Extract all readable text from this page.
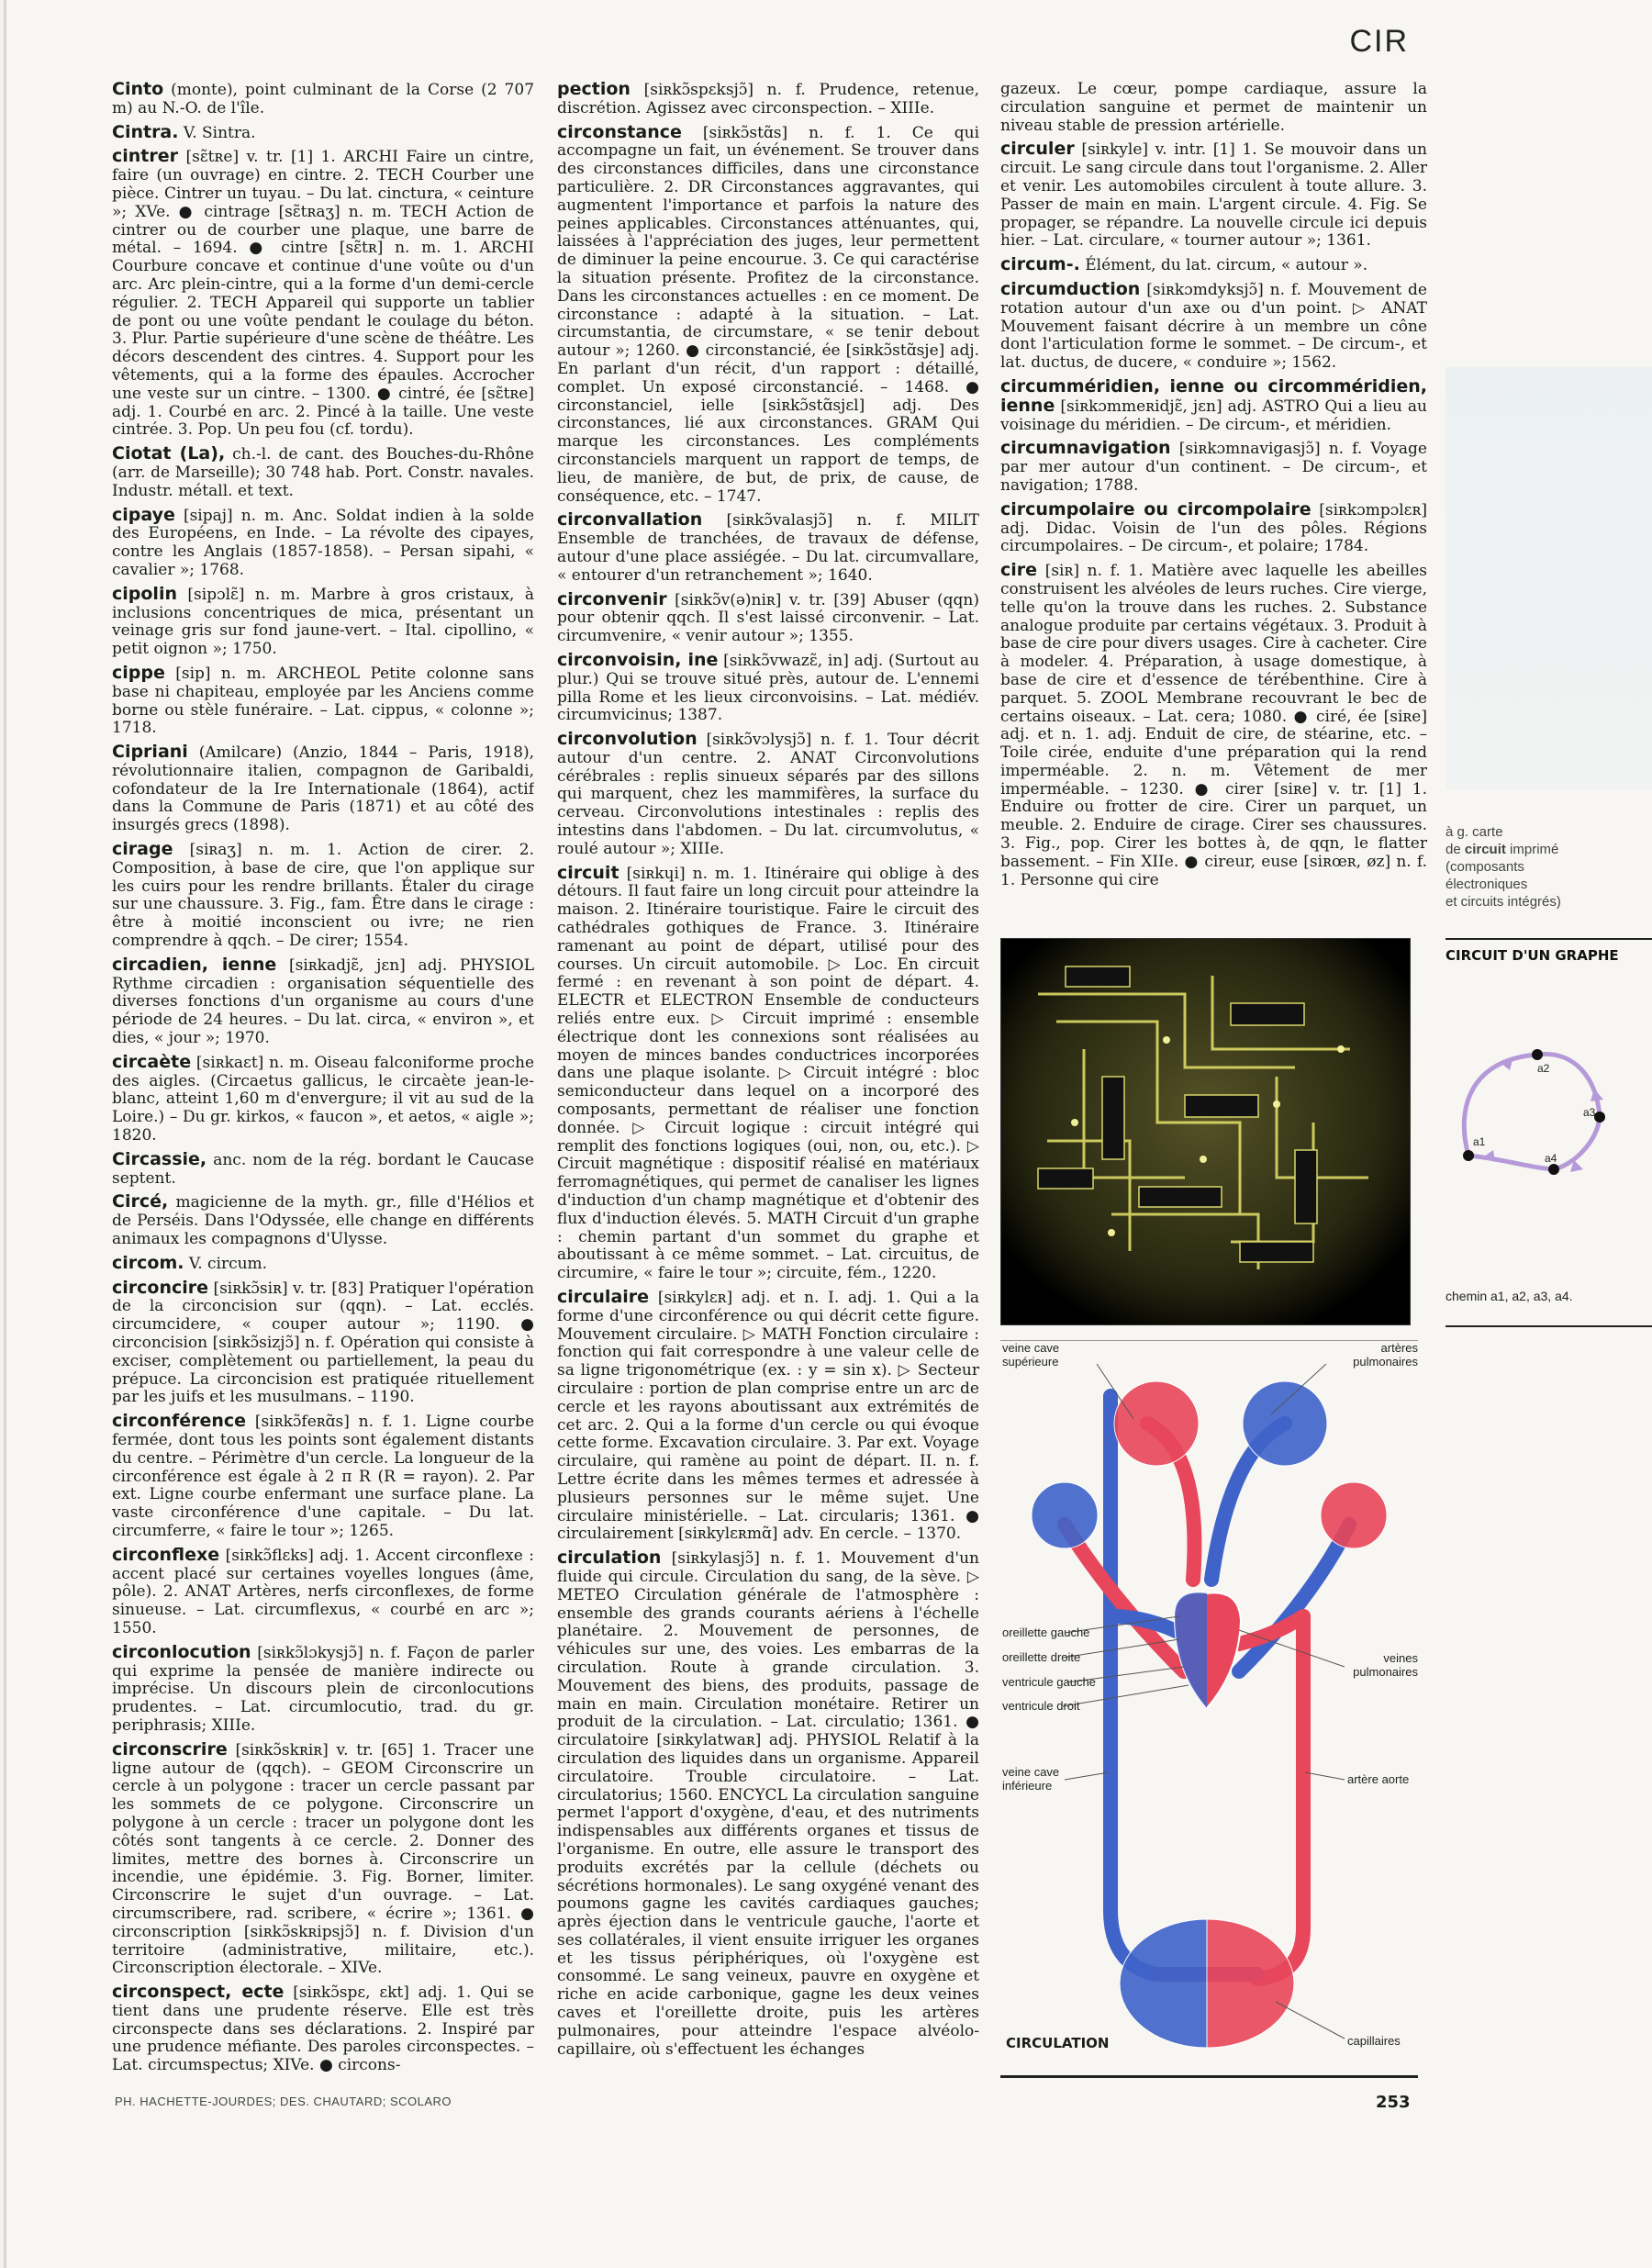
CIR

Cinto (monte), point culminant de la Corse (2 707 m) au N.-O. de l'île.

Cintra. V. Sintra.

cintrer [sɛ̃tʀe] v. tr. [1] 1. ARCHI Faire un cintre, faire (un ouvrage) en cintre. 2. TECH Courber une pièce. Cintrer un tuyau. – Du lat. cinctura, « ceinture »; XVe. ● cintrage [sɛ̃tʀaʒ] n. m. TECH Action de cintrer ou de courber une plaque, une barre de métal. – 1694. ● cintre [sɛ̃tʀ] n. m. 1. ARCHI Courbure concave et continue d'une voûte ou d'un arc. Arc plein-cintre, qui a la forme d'un demi-cercle régulier. 2. TECH Appareil qui supporte un tablier de pont ou une voûte pendant le coulage du béton. 3. Plur. Partie supérieure d'une scène de théâtre. Les décors descendent des cintres. 4. Support pour les vêtements, qui a la forme des épaules. Accrocher une veste sur un cintre. – 1300. ● cintré, ée [sɛ̃tʀe] adj. 1. Courbé en arc. 2. Pincé à la taille. Une veste cintrée. 3. Pop. Un peu fou (cf. tordu).

Ciotat (La), ch.-l. de cant. des Bouches-du-Rhône (arr. de Marseille); 30 748 hab. Port. Constr. navales. Industr. métall. et text.

cipaye [sipaj] n. m. Anc. Soldat indien à la solde des Européens, en Inde. – La révolte des cipayes, contre les Anglais (1857-1858). – Persan sipahi, « cavalier »; 1768.

cipolin [sipɔlɛ̃] n. m. Marbre à gros cristaux, à inclusions concentriques de mica, présentant un veinage gris sur fond jaune-vert. – Ital. cipollino, « petit oignon »; 1750.

cippe [sip] n. m. ARCHEOL Petite colonne sans base ni chapiteau, employée par les Anciens comme borne ou stèle funéraire. – Lat. cippus, « colonne »; 1718.

Cipriani (Amilcare) (Anzio, 1844 – Paris, 1918), révolutionnaire italien, compagnon de Garibaldi, cofondateur de la Ire Internationale (1864), actif dans la Commune de Paris (1871) et au côté des insurgés grecs (1898).

cirage [siʀaʒ] n. m. 1. Action de cirer. 2. Composition, à base de cire, que l'on applique sur les cuirs pour les rendre brillants. Étaler du cirage sur une chaussure. 3. Fig., fam. Être dans le cirage : être à moitié inconscient ou ivre; ne rien comprendre à qqch. – De cirer; 1554.

circadien, ienne [siʀkadjɛ̃, jɛn] adj. PHYSIOL Rythme circadien : organisation séquentielle des diverses fonctions d'un organisme au cours d'une période de 24 heures. – Du lat. circa, « environ », et dies, « jour »; 1970.

circaète [siʀkaɛt] n. m. Oiseau falconiforme proche des aigles. (Circaetus gallicus, le circaète jean-le-blanc, atteint 1,60 m d'envergure; il vit au sud de la Loire.) – Du gr. kirkos, « faucon », et aetos, « aigle »; 1820.

Circassie, anc. nom de la rég. bordant le Caucase septent.

Circé, magicienne de la myth. gr., fille d'Hélios et de Perséis. Dans l'Odyssée, elle change en différents animaux les compagnons d'Ulysse.

circom. V. circum.

circoncire [siʀkɔ̃siʀ] v. tr. [83] Pratiquer l'opération de la circoncision sur (qqn). – Lat. ecclés. circumcidere, « couper autour »; 1190. ● circoncision [siʀkɔ̃sizjɔ̃] n. f. Opération qui consiste à exciser, complètement ou partiellement, la peau du prépuce. La circoncision est pratiquée rituellement par les juifs et les musulmans. – 1190.

circonférence [siʀkɔ̃feʀɑ̃s] n. f. 1. Ligne courbe fermée, dont tous les points sont également distants du centre. – Périmètre d'un cercle. La longueur de la circonférence est égale à 2 π R (R = rayon). 2. Par ext. Ligne courbe enfermant une surface plane. La vaste circonférence d'une capitale. – Du lat. circumferre, « faire le tour »; 1265.

circonflexe [siʀkɔ̃flɛks] adj. 1. Accent circonflexe : accent placé sur certaines voyelles longues (âme, pôle). 2. ANAT Artères, nerfs circonflexes, de forme sinueuse. – Lat. circumflexus, « courbé en arc »; 1550.

circonlocution [siʀkɔ̃lɔkysjɔ̃] n. f. Façon de parler qui exprime la pensée de manière indirecte ou imprécise. Un discours plein de circonlocutions prudentes. – Lat. circumlocutio, trad. du gr. periphrasis; XIIIe.

circonscrire [siʀkɔ̃skʀiʀ] v. tr. [65] 1. Tracer une ligne autour de (qqch). – GEOM Circonscrire un cercle à un polygone : tracer un cercle passant par les sommets de ce polygone. Circonscrire un polygone à un cercle : tracer un polygone dont les côtés sont tangents à ce cercle. 2. Donner des limites, mettre des bornes à. Circonscrire un incendie, une épidémie. 3. Fig. Borner, limiter. Circonscrire le sujet d'un ouvrage. – Lat. circumscribere, rad. scribere, « écrire »; 1361. ● circonscription [siʀkɔ̃skʀipsjɔ̃] n. f. Division d'un territoire (administrative, militaire, etc.). Circonscription électorale. – XIVe.

circonspect, ecte [siʀkɔ̃spɛ, ɛkt] adj. 1. Qui se tient dans une prudente réserve. Elle est très circonspecte dans ses déclarations. 2. Inspiré par une prudence méfiante. Des paroles circonspectes. – Lat. circumspectus; XIVe. ● circons-

pection [siʀkɔ̃spɛksjɔ̃] n. f. Prudence, retenue, discrétion. Agissez avec circonspection. – XIIIe.

circonstance [siʀkɔ̃stɑ̃s] n. f. 1. Ce qui accompagne un fait, un événement. Se trouver dans des circonstances difficiles, dans une circonstance particulière. 2. DR Circonstances aggravantes, qui augmentent l'importance et parfois la nature des peines applicables. Circonstances atténuantes, qui, laissées à l'appréciation des juges, leur permettent de diminuer la peine encourue. 3. Ce qui caractérise la situation présente. Profitez de la circonstance. Dans les circonstances actuelles : en ce moment. De circonstance : adapté à la situation. – Lat. circumstantia, de circumstare, « se tenir debout autour »; 1260. ● circonstancié, ée [siʀkɔ̃stɑ̃sje] adj. En parlant d'un récit, d'un rapport : détaillé, complet. Un exposé circonstancié. – 1468. ● circonstanciel, ielle [siʀkɔ̃stɑ̃sjɛl] adj. Des circonstances, lié aux circonstances. GRAM Qui marque les circonstances. Les compléments circonstanciels marquent un rapport de temps, de lieu, de manière, de but, de prix, de cause, de conséquence, etc. – 1747.

circonvallation [siʀkɔ̃valasjɔ̃] n. f. MILIT Ensemble de tranchées, de travaux de défense, autour d'une place assiégée. – Du lat. circumvallare, « entourer d'un retranchement »; 1640.

circonvenir [siʀkɔ̃v(ə)niʀ] v. tr. [39] Abuser (qqn) pour obtenir qqch. Il s'est laissé circonvenir. – Lat. circumvenire, « venir autour »; 1355.

circonvoisin, ine [siʀkɔ̃vwazɛ̃, in] adj. (Surtout au plur.) Qui se trouve situé près, autour de. L'ennemi pilla Rome et les lieux circonvoisins. – Lat. médiév. circumvicinus; 1387.

circonvolution [siʀkɔ̃vɔlysjɔ̃] n. f. 1. Tour décrit autour d'un centre. 2. ANAT Circonvolutions cérébrales : replis sinueux séparés par des sillons qui marquent, chez les mammifères, la surface du cerveau. Circonvolutions intestinales : replis des intestins dans l'abdomen. – Du lat. circumvolutus, « roulé autour »; XIIIe.

circuit [siʀkɥi] n. m. 1. Itinéraire qui oblige à des détours. Il faut faire un long circuit pour atteindre la maison. 2. Itinéraire touristique. Faire le circuit des cathédrales gothiques de France. 3. Itinéraire ramenant au point de départ, utilisé pour des courses. Un circuit automobile. ▷ Loc. En circuit fermé : en revenant à son point de départ. 4. ELECTR et ELECTRON Ensemble de conducteurs reliés entre eux. ▷ Circuit imprimé : ensemble électrique dont les connexions sont réalisées au moyen de minces bandes conductrices incorporées dans une plaque isolante. ▷ Circuit intégré : bloc semiconducteur dans lequel on a incorporé des composants, permettant de réaliser une fonction donnée. ▷ Circuit logique : circuit intégré qui remplit des fonctions logiques (oui, non, ou, etc.). ▷ Circuit magnétique : dispositif réalisé en matériaux ferromagnétiques, qui permet de canaliser les lignes d'induction d'un champ magnétique et d'obtenir des flux d'induction élevés. 5. MATH Circuit d'un graphe : chemin partant d'un sommet du graphe et aboutissant à ce même sommet. – Lat. circuitus, de circumire, « faire le tour »; circuite, fém., 1220.

circulaire [siʀkylɛʀ] adj. et n. I. adj. 1. Qui a la forme d'une circonférence ou qui décrit cette figure. Mouvement circulaire. ▷ MATH Fonction circulaire : fonction qui fait correspondre à une valeur celle de sa ligne trigonométrique (ex. : y = sin x). ▷ Secteur circulaire : portion de plan comprise entre un arc de cercle et les rayons aboutissant aux extrémités de cet arc. 2. Qui a la forme d'un cercle ou qui évoque cette forme. Excavation circulaire. 3. Par ext. Voyage circulaire, qui ramène au point de départ. II. n. f. Lettre écrite dans les mêmes termes et adressée à plusieurs personnes sur le même sujet. Une circulaire ministérielle. – Lat. circularis; 1361. ● circulairement [siʀkylɛʀmɑ̃] adv. En cercle. – 1370.

circulation [siʀkylasjɔ̃] n. f. 1. Mouvement d'un fluide qui circule. Circulation du sang, de la sève. ▷ METEO Circulation générale de l'atmosphère : ensemble des grands courants aériens à l'échelle planétaire. 2. Mouvement de personnes, de véhicules sur une, des voies. Les embarras de la circulation. Route à grande circulation. 3. Mouvement des biens, des produits, passage de main en main. Circulation monétaire. Retirer un produit de la circulation. – Lat. circulatio; 1361. ● circulatoire [siʀkylatwaʀ] adj. PHYSIOL Relatif à la circulation des liquides dans un organisme. Appareil circulatoire. Trouble circulatoire. – Lat. circulatorius; 1560. ENCYCL La circulation sanguine permet l'apport d'oxygène, d'eau, et des nutriments indispensables aux différents organes et tissus de l'organisme. En outre, elle assure le transport des produits excrétés par la cellule (déchets ou sécrétions hormonales). Le sang oxygéné venant des poumons gagne les cavités cardiaques gauches; après éjection dans le ventricule gauche, l'aorte et ses collatérales, il vient ensuite irriguer les organes et les tissus périphériques, où l'oxygène est consommé. Le sang veineux, pauvre en oxygène et riche en acide carbonique, gagne les deux veines caves et l'oreillette droite, puis les artères pulmonaires, pour atteindre l'espace alvéolo-capillaire, où s'effectuent les échanges

gazeux. Le cœur, pompe cardiaque, assure la circulation sanguine et permet de maintenir un niveau stable de pression artérielle.

circuler [siʀkyle] v. intr. [1] 1. Se mouvoir dans un circuit. Le sang circule dans tout l'organisme. 2. Aller et venir. Les automobiles circulent à toute allure. 3. Passer de main en main. L'argent circule. 4. Fig. Se propager, se répandre. La nouvelle circule ici depuis hier. – Lat. circulare, « tourner autour »; 1361.

circum-. Élément, du lat. circum, « autour ».

circumduction [siʀkɔmdyksjɔ̃] n. f. Mouvement de rotation autour d'un axe ou d'un point. ▷ ANAT Mouvement faisant décrire à un membre un cône dont l'articulation forme le sommet. – De circum-, et lat. ductus, de ducere, « conduire »; 1562.

circumméridien, ienne ou circomméridien, ienne [siʀkɔmmeʀidjɛ̃, jɛn] adj. ASTRO Qui a lieu au voisinage du méridien. – De circum-, et méridien.

circumnavigation [siʀkɔmnavigasjɔ̃] n. f. Voyage par mer autour d'un continent. – De circum-, et navigation; 1788.

circumpolaire ou circompolaire [siʀkɔmpɔlɛʀ] adj. Didac. Voisin de l'un des pôles. Régions circumpolaires. – De circum-, et polaire; 1784.

cire [siʀ] n. f. 1. Matière avec laquelle les abeilles construisent les alvéoles de leurs ruches. Cire vierge, telle qu'on la trouve dans les ruches. 2. Substance analogue produite par certains végétaux. 3. Produit à base de cire pour divers usages. Cire à cacheter. Cire à modeler. 4. Préparation, à usage domestique, à base de cire et d'essence de térébenthine. Cire à parquet. 5. ZOOL Membrane recouvrant le bec de certains oiseaux. – Lat. cera; 1080. ● ciré, ée [siʀe] adj. et n. 1. adj. Enduit de cire, de stéarine, etc. – Toile cirée, enduite d'une préparation qui la rend imperméable. 2. n. m. Vêtement de mer imperméable. – 1230. ● cirer [siʀe] v. tr. [1] 1. Enduire ou frotter de cire. Cirer un parquet, un meuble. 2. Enduire de cirage. Cirer ses chaussures. 3. Fig., pop. Cirer les bottes à, de qqn, le flatter bassement. – Fin XIIe. ● cireur, euse [siʀœʀ, øz] n. f. 1. Personne qui cire

à g. carte
de circuit imprimé
(composants
électroniques
et circuits intégrés)
CIRCUIT D'UN GRAPHE
a1
a2
a3
a4
chemin a1, a2, a3, a4.
veine cave supérieure
artères pulmonaires
oreillette gauche
oreillette droite
ventricule gauche
ventricule droit
veines pulmonaires
veine cave inférieure	artère aorte
capillaires
CIRCULATION
PH. HACHETTE-JOURDES; DES. CHAUTARD; SCOLARO	253
